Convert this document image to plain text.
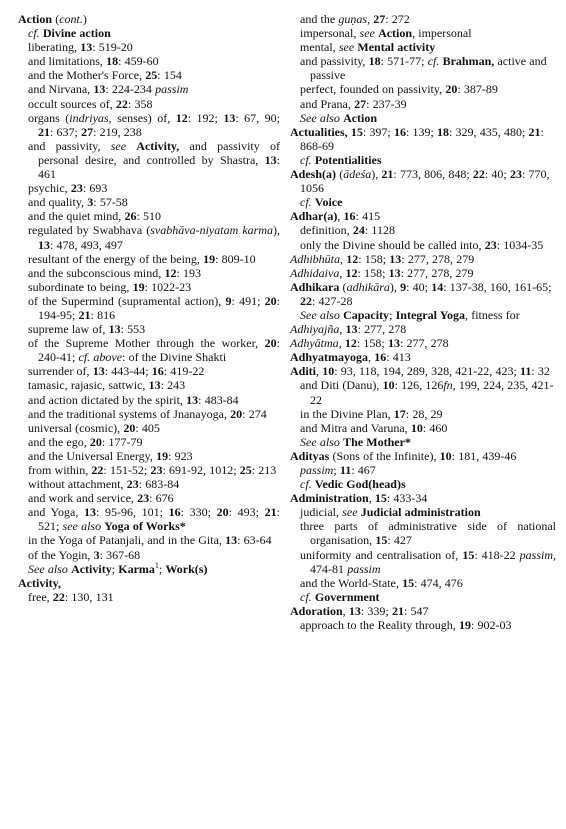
Action (cont.)
cf. Divine action
liberating, 13: 519-20
and limitations, 18: 459-60
and the Mother's Force, 25: 154
and Nirvana, 13: 224-234 passim
occult sources of, 22: 358
organs (indriyas, senses) of, 12: 192; 13: 67, 90; 21: 637; 27: 219, 238
and passivity, see Activity, and passivity of personal desire, and controlled by Shastra, 13: 461
psychic, 23: 693
and quality, 3: 57-58
and the quiet mind, 26: 510
regulated by Swabhava (svabhāva-niyatam karma), 13: 478, 493, 497
resultant of the energy of the being, 19: 809-10
and the subconscious mind, 12: 193
subordinate to being, 19: 1022-23
of the Supermind (supramental action), 9: 491; 20: 194-95; 21: 816
supreme law of, 13: 553
of the Supreme Mother through the worker, 20: 240-41; cf. above: of the Divine Shakti
surrender of, 13: 443-44; 16: 419-22
tamasic, rajasic, sattwic, 13: 243
and action dictated by the spirit, 13: 483-84
and the traditional systems of Jnanayoga, 20: 274
universal (cosmic), 20: 405
and the ego, 20: 177-79
and the Universal Energy, 19: 923
from within, 22: 151-52; 23: 691-92, 1012; 25: 213
without attachment, 23: 683-84
and work and service, 23: 676
and Yoga, 13: 95-96, 101; 16: 330; 20: 493; 21: 521; see also Yoga of Works*
in the Yoga of Patanjali, and in the Gita, 13: 63-64
of the Yogin, 3: 367-68
See also Activity; Karma$^1$; Work(s)
Activity,
free, 22: 130, 131
and the guṇas, 27: 272
impersonal, see Action, impersonal
mental, see Mental activity
and passivity, 18: 571-77; cf. Brahman, active and passive
perfect, founded on passivity, 20: 387-89
and Prana, 27: 237-39
See also Action
Actualities, 15: 397; 16: 139; 18: 329, 435, 480; 21: 868-69
cf. Potentialities
Adesh(a) (ādeśa), 21: 773, 806, 848; 22: 40; 23: 770, 1056
cf. Voice
Adhar(a), 16: 415
definition, 24: 1128
only the Divine should be called into, 23: 1034-35
Adhibhūta, 12: 158; 13: 277, 278, 279
Adhidaiva, 12: 158; 13: 277, 278, 279
Adhikara (adhikāra), 9: 40; 14: 137-38, 160, 161-65; 22: 427-28
See also Capacity; Integral Yoga, fitness for
Adhiyajña, 13: 277, 278
Adhyātma, 12: 158; 13: 277, 278
Adhyatmayoga, 16: 413
Aditi, 10: 93, 118, 194, 289, 328, 421-22, 423; 11: 32
and Diti (Danu), 10: 126, 126fn, 199, 224, 235, 421-22
in the Divine Plan, 17: 28, 29
and Mitra and Varuna, 10: 460
See also The Mother*
Adityas (Sons of the Infinite), 10: 181, 439-46 passim; 11: 467
cf. Vedic God(head)s
Administration, 15: 433-34
judicial, see Judicial administration
three parts of administrative side of national organisation, 15: 427
uniformity and centralisation of, 15: 418-22 passim, 474-81 passim
and the World-State, 15: 474, 476
cf. Government
Adoration, 13: 339; 21: 547
approach to the Reality through, 19: 902-03
